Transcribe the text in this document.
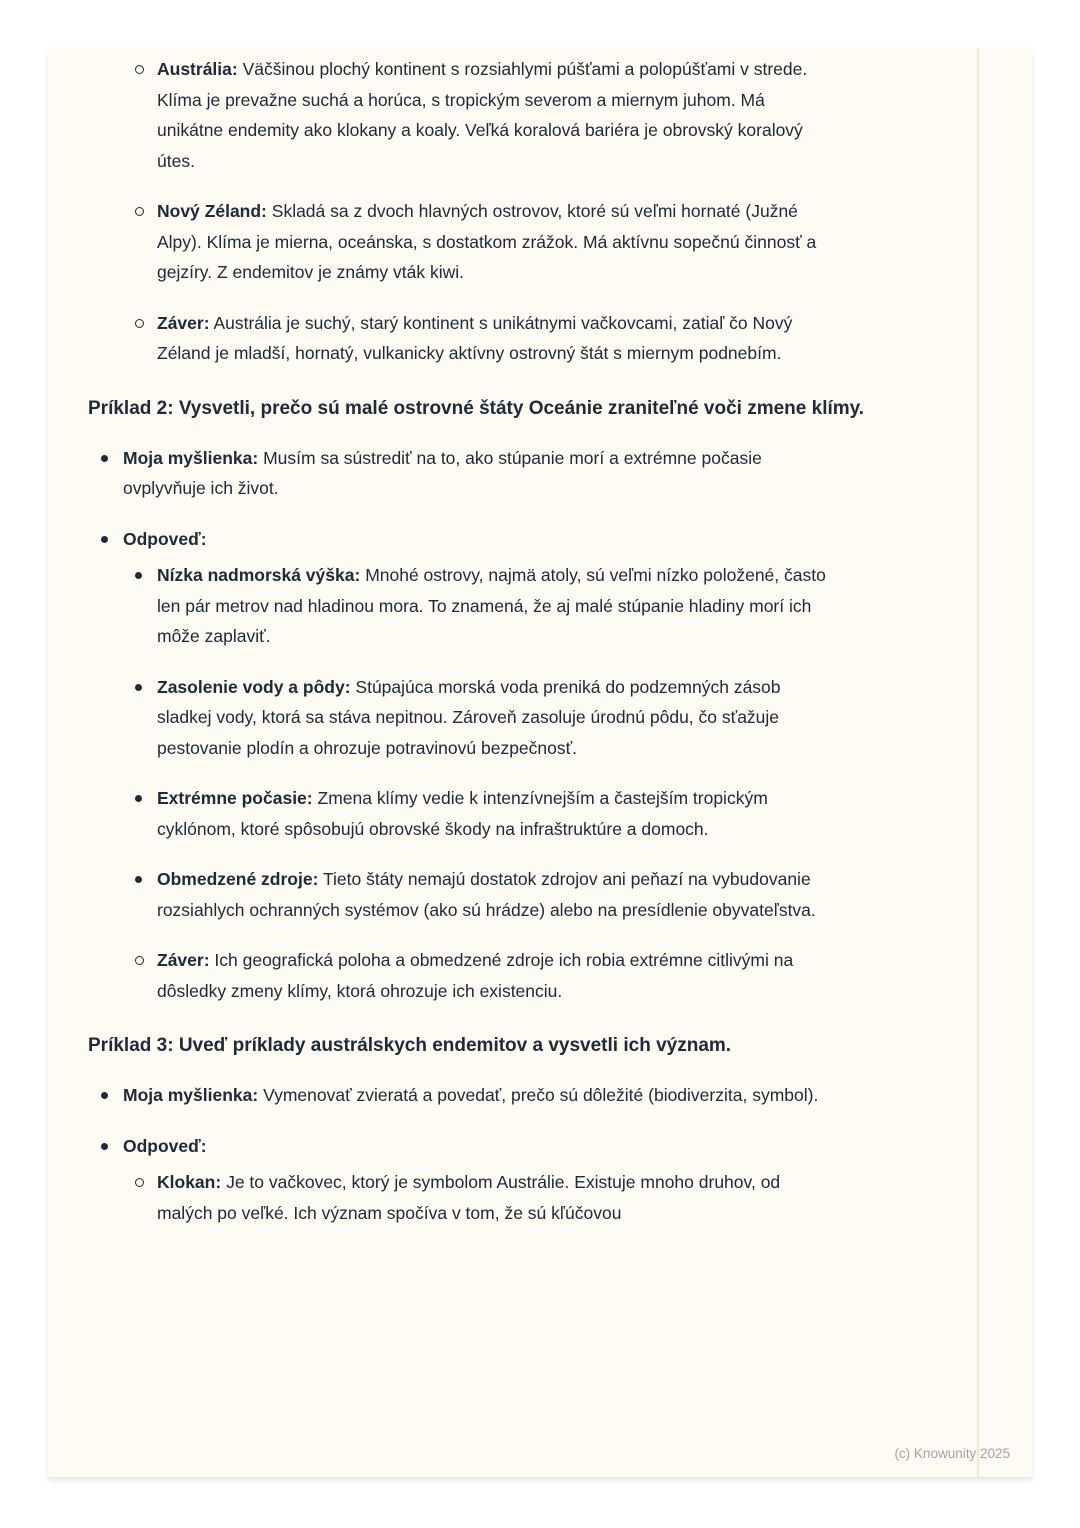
Austrália: Väčšinou plochý kontinent s rozsiahlymi púšťami a polopúšťami v strede. Klíma je prevažne suchá a horúca, s tropickým severom a miernym juhom. Má unikátne endemity ako klokany a koaly. Veľká koralová bariéra je obrovský koralový útes.
Nový Zéland: Skladá sa z dvoch hlavných ostrovov, ktoré sú veľmi hornaté (Južné Alpy). Klíma je mierna, oceánska, s dostatkom zrážok. Má aktívnu sopečnú činnosť a gejzíry. Z endemitov je známy vták kiwi.
Záver: Austrália je suchý, starý kontinent s unikátnymi vačkovcami, zatiaľ čo Nový Zéland je mladší, hornatý, vulkanicky aktívny ostrovný štát s miernym podnebím.
Príklad 2: Vysvetli, prečo sú malé ostrovné štáty Oceánie zraniteľné voči zmene klímy.
Moja myšlienka: Musím sa sústrediť na to, ako stúpanie morí a extrémne počasie ovplyvňuje ich život.
Odpoveď:
Nízka nadmorská výška: Mnohé ostrovy, najmä atoly, sú veľmi nízko položené, často len pár metrov nad hladinou mora. To znamená, že aj malé stúpanie hladiny morí ich môže zaplaviť.
Zasolenie vody a pôdy: Stúpajúca morská voda preniká do podzemných zásob sladkej vody, ktorá sa stáva nepitnou. Zároveň zasoluje úrodnú pôdu, čo sťažuje pestovanie plodín a ohrozuje potravinovú bezpečnosť.
Extrémne počasie: Zmena klímy vedie k intenzívnejším a častejším tropickým cyklónom, ktoré spôsobujú obrovské škody na infraštruktúre a domoch.
Obmedzené zdroje: Tieto štáty nemajú dostatok zdrojov ani peňazí na vybudovanie rozsiahlych ochranných systémov (ako sú hrádze) alebo na presídlenie obyvateľstva.
Záver: Ich geografická poloha a obmedzené zdroje ich robia extrémne citlivými na dôsledky zmeny klímy, ktorá ohrozuje ich existenciu.
Príklad 3: Uveď príklady austrálskych endemitov a vysvetli ich význam.
Moja myšlienka: Vymenovať zvieratá a povedať, prečo sú dôležité (biodiverzita, symbol).
Odpoveď:
Klokan: Je to vačkovec, ktorý je symbolom Austrálie. Existuje mnoho druhov, od malých po veľké. Ich význam spočíva v tom, že sú kľúčovou
(c) Knowunity 2025
